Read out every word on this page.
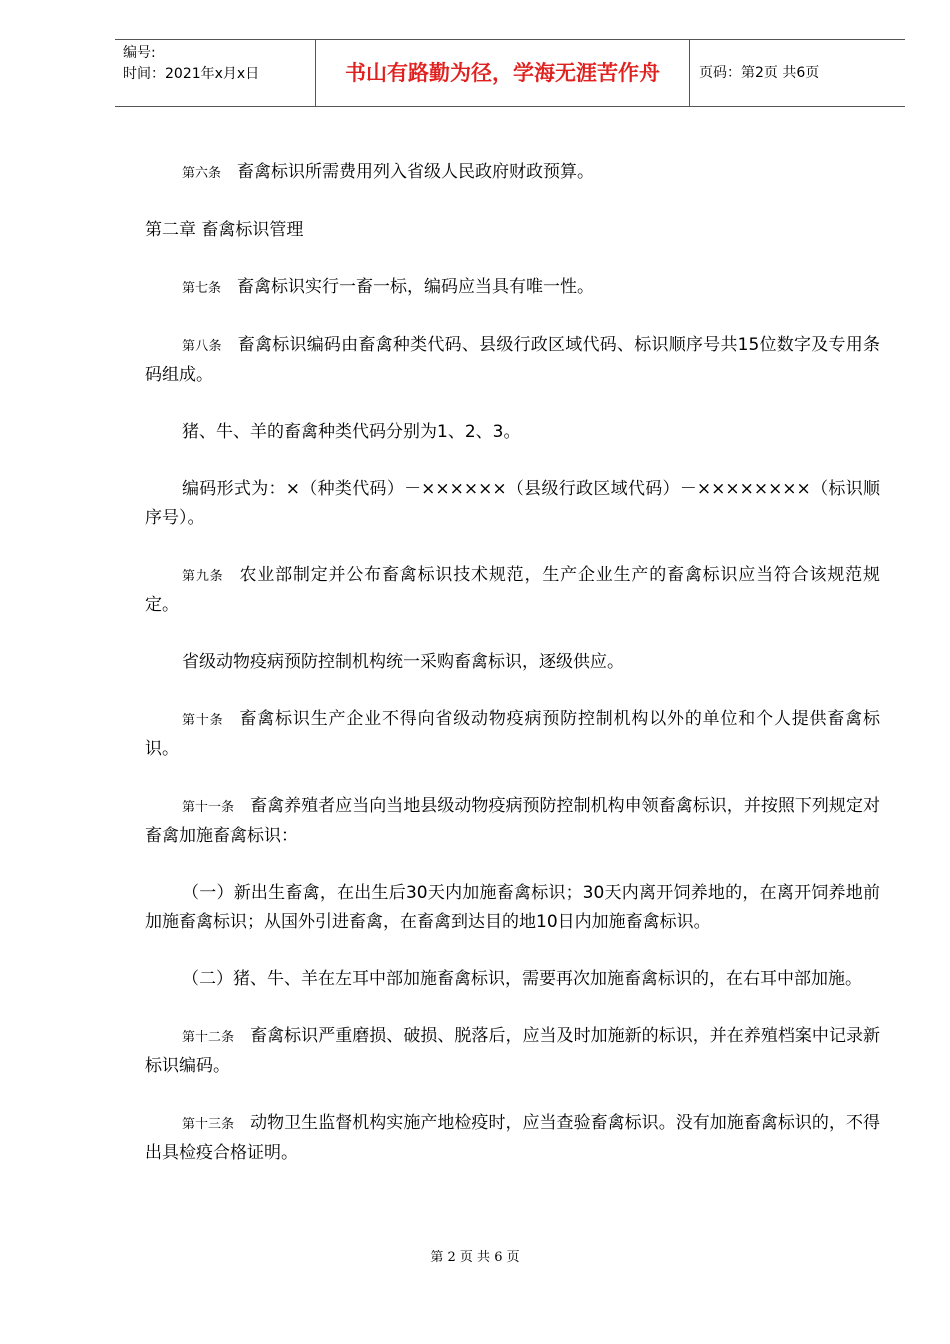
编号:
时间：2021年x月x日	书山有路勤为径，学海无涯苦作舟	页码：第2页 共6页

第六条 畜禽标识所需费用列入省级人民政府财政预算。

第二章 畜禽标识管理

第七条 畜禽标识实行一畜一标，编码应当具有唯一性。

第八条 畜禽标识编码由畜禽种类代码、县级行政区域代码、标识顺序号共15位数字及专用条 码组成。

猪、牛、羊的畜禽种类代码分别为1、2、3。

编码形式为：×（种类代码）－××××××（县级行政区域代码）－××××××××（标识顺序号）。

第九条 农业部制定并公布畜禽标识技术规范，生产企业生产的畜禽标识应当符合该规范规定。

省级动物疫病预防控制机构统一采购畜禽标识，逐级供应。

第十条 畜禽标识生产企业不得向省级动物疫病预防控制机构以外的单位和个人提供畜禽标识。

第十一条 畜禽养殖者应当向当地县级动物疫病预防控制机构申领畜禽标识，并按照下列规定对畜禽加施畜禽标识：

（一）新出生畜禽，在出生后30天内加施畜禽标识；30天内离开饲养地的，在离开饲养地前加施畜禽标识；从国外引进畜禽，在畜禽到达目的地10日内加施畜禽标识。

（二）猪、牛、羊在左耳中部加施畜禽标识，需要再次加施畜禽标识的，在右耳中部加施。

第十二条 畜禽标识严重磨损、破损、脱落后，应当及时加施新的标识，并在养殖档案中记录新标识编码。

第十三条 动物卫生监督机构实施产地检疫时，应当查验畜禽标识。没有加施畜禽标识的，不得出具检疫合格证明。

第 2 页 共 6 页
